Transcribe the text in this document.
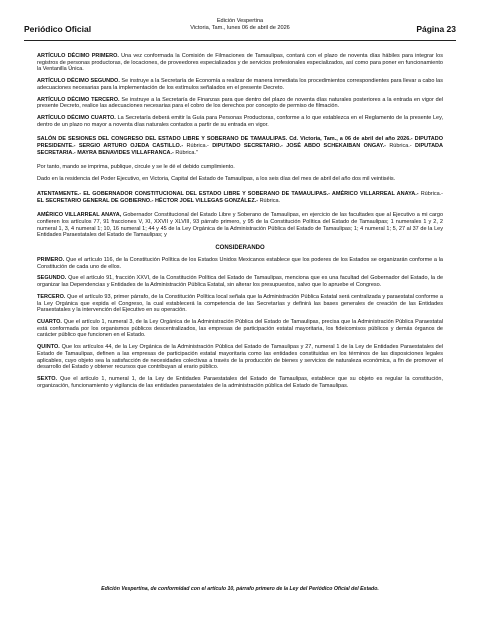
Periódico Oficial
Edición Vespertina
Victoria, Tam., lunes 06 de abril de 2026	Página 23

ARTÍCULO DÉCIMO PRIMERO. Una vez conformada la Comisión de Filmaciones de Tamaulipas, contará con el plazo de noventa días hábiles para integrar los registros de personas productoras, de locaciones, de proveedores especializados y de servicios profesionales especializados, así como para poner en funcionamiento la Ventanilla Única.

ARTÍCULO DÉCIMO SEGUNDO. Se instruye a la Secretaría de Economía a realizar de manera inmediata los procedimientos correspondientes para llevar a cabo las adecuaciones necesarias para la implementación de los estímulos señalados en el presente Decreto.

ARTÍCULO DÉCIMO TERCERO. Se instruye a la Secretaría de Finanzas para que dentro del plazo de noventa días naturales posteriores a la entrada en vigor del presente Decreto, realice las adecuaciones necesarias para el cobro de los derechos por concepto de permiso de filmación.

ARTÍCULO DÉCIMO CUARTO. La Secretaría deberá emitir la Guía para Personas Productoras, conforme a lo que establezca en el Reglamento de la presente Ley, dentro de un plazo no mayor a noventa días naturales contados a partir de su entrada en vigor.

SALÓN DE SESIONES DEL CONGRESO DEL ESTADO LIBRE Y SOBERANO DE TAMAULIPAS. Cd. Victoria, Tam., a 06 de abril del año 2026.- DIPUTADO PRESIDENTE.- SERGIO ARTURO OJEDA CASTILLO.- Rúbrica.- DIPUTADO SECRETARIO.- JOSÉ ABDO SCHEKAIBAN ONGAY.- Rúbrica.- DIPUTADA SECRETARIA.- MAYRA BENAVIDES VILLAFRANCA.- Rúbrica."

Por tanto, mando se imprima, publique, circule y se le dé el debido cumplimiento.

Dado en la residencia del Poder Ejecutivo, en Victoria, Capital del Estado de Tamaulipas, a los seis días del mes de abril del año dos mil veintiséis.

ATENTAMENTE.- EL GOBERNADOR CONSTITUCIONAL DEL ESTADO LIBRE Y SOBERANO DE TAMAULIPAS.- AMÉRICO VILLARREAL ANAYA.- Rúbrica.- EL SECRETARIO GENERAL DE GOBIERNO.- HÉCTOR JOEL VILLEGAS GONZÁLEZ.- Rúbrica.

AMÉRICO VILLARREAL ANAYA, Gobernador Constitucional del Estado Libre y Soberano de Tamaulipas, en ejercicio de las facultades que al Ejecutivo a mi cargo confieren los artículos 77, 91 fracciones V, XI, XXVII y XLVIII, 93 párrafo primero, y 95 de la Constitución Política del Estado de Tamaulipas; 1 numerales 1 y 2, 2 numeral 1, 3, 4 numeral 1; 10, 16 numeral 1; 44 y 45 de la Ley Orgánica de la Administración Pública del Estado de Tamaulipas; 1; 4 numeral 1; 5, 27 al 37 de la Ley Entidades Paraestatales del Estado de Tamaulipas; y

CONSIDERANDO

PRIMERO. Que el artículo 116, de la Constitución Política de los Estados Unidos Mexicanos establece que los poderes de los Estados se organizarán conforme a la Constitución de cada uno de ellos.

SEGUNDO. Que el artículo 91, fracción XXVI, de la Constitución Política del Estado de Tamaulipas, menciona que es una facultad del Gobernador del Estado, la de organizar las Dependencias y Entidades de la Administración Pública Estatal, sin alterar los presupuestos, salvo que lo apruebe el Congreso.

TERCERO. Que el artículo 93, primer párrafo, de la Constitución Política local señala que la Administración Pública Estatal será centralizada y paraestatal conforme a la Ley Orgánica que expida el Congreso, la cual establecerá la competencia de las Secretarías y definirá las bases generales de creación de las Entidades Paraestatales y la intervención del Ejecutivo en su operación.

CUARTO. Que el artículo 1, numeral 3, de la Ley Orgánica de la Administración Pública del Estado de Tamaulipas, precisa que la Administración Pública Paraestatal está conformada por los organismos públicos descentralizados, las empresas de participación estatal mayoritaria, los fideicomisos públicos y demás órganos de carácter público que funcionen en el Estado.

QUINTO. Que los artículos 44, de la Ley Orgánica de la Administración Pública del Estado de Tamaulipas y 27, numeral 1 de la Ley de Entidades Paraestatales del Estado de Tamaulipas, definen a las empresas de participación estatal mayoritaria como las entidades constituidas en los términos de las disposiciones legales aplicables, cuyo objeto sea la satisfacción de necesidades colectivas a través de la producción de bienes y servicios de naturaleza económica, a fin de promover el desarrollo del Estado y obtener recursos que contribuyan al erario público.

SEXTO. Que el artículo 1, numeral 1, de la Ley de Entidades Paraestatales del Estado de Tamaulipas, establece que su objeto es regular la constitución, organización, funcionamiento y vigilancia de las entidades paraestatales de la administración pública del Estado de Tamaulipas.

Edición Vespertina, de conformidad con el artículo 10, párrafo primero de la Ley del Periódico Oficial del Estado.
